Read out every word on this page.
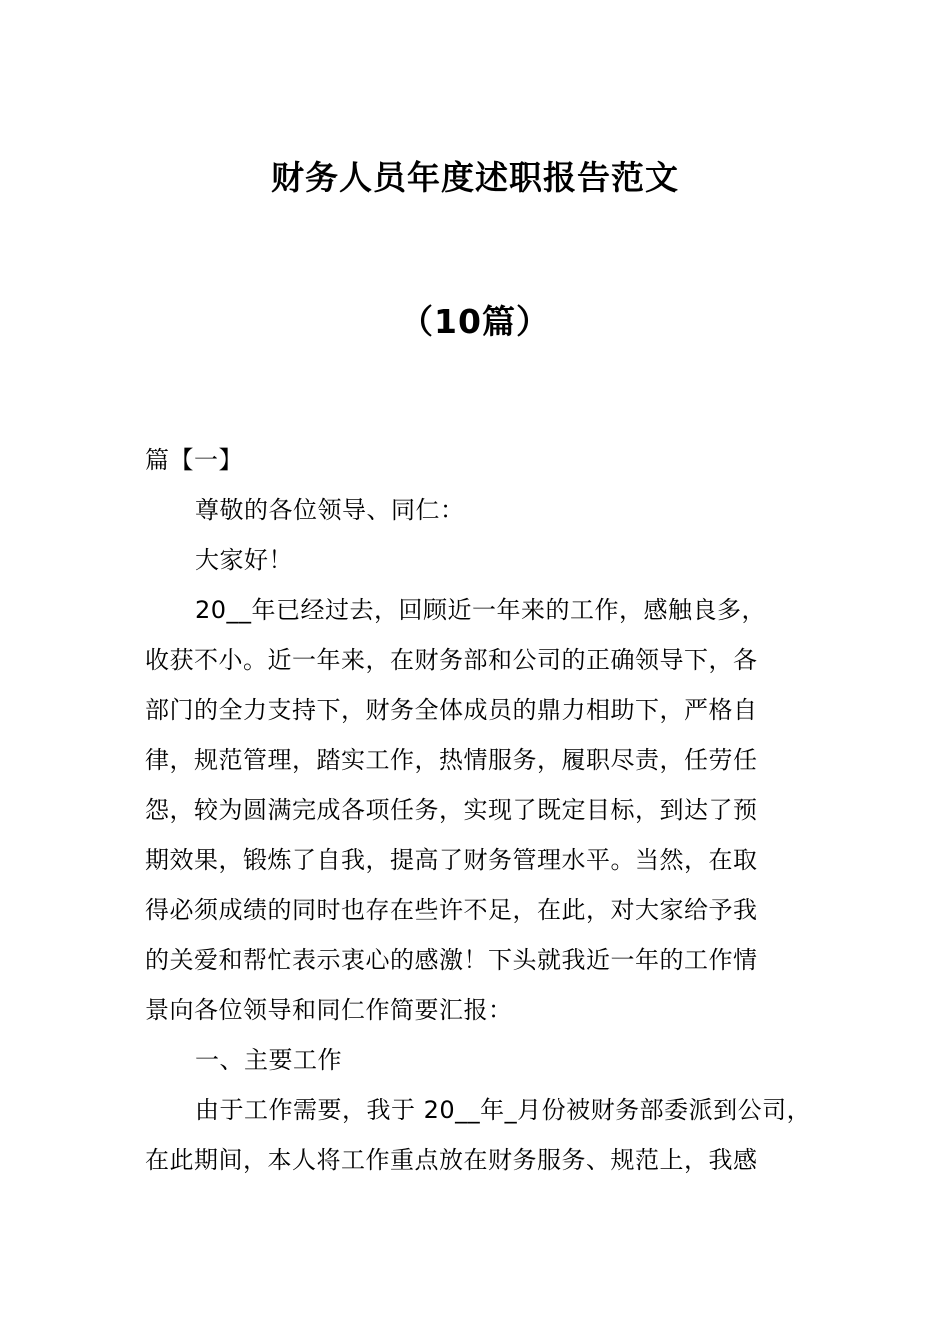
财务人员年度述职报告范文
（10篇）
篇【一】
尊敬的各位领导、同仁：
大家好！
20__年已经过去，回顾近一年来的工作，感触良多，
收获不小。近一年来，在财务部和公司的正确领导下，各
部门的全力支持下，财务全体成员的鼎力相助下，严格自
律，规范管理，踏实工作，热情服务，履职尽责，任劳任
怨，较为圆满完成各项任务，实现了既定目标，到达了预
期效果，锻炼了自我，提高了财务管理水平。当然，在取
得必须成绩的同时也存在些许不足，在此，对大家给予我
的关爱和帮忙表示衷心的感激！下头就我近一年的工作情
景向各位领导和同仁作简要汇报：
一、主要工作
由于工作需要，我于 20__年_月份被财务部委派到公司，
在此期间，本人将工作重点放在财务服务、规范上，我感
